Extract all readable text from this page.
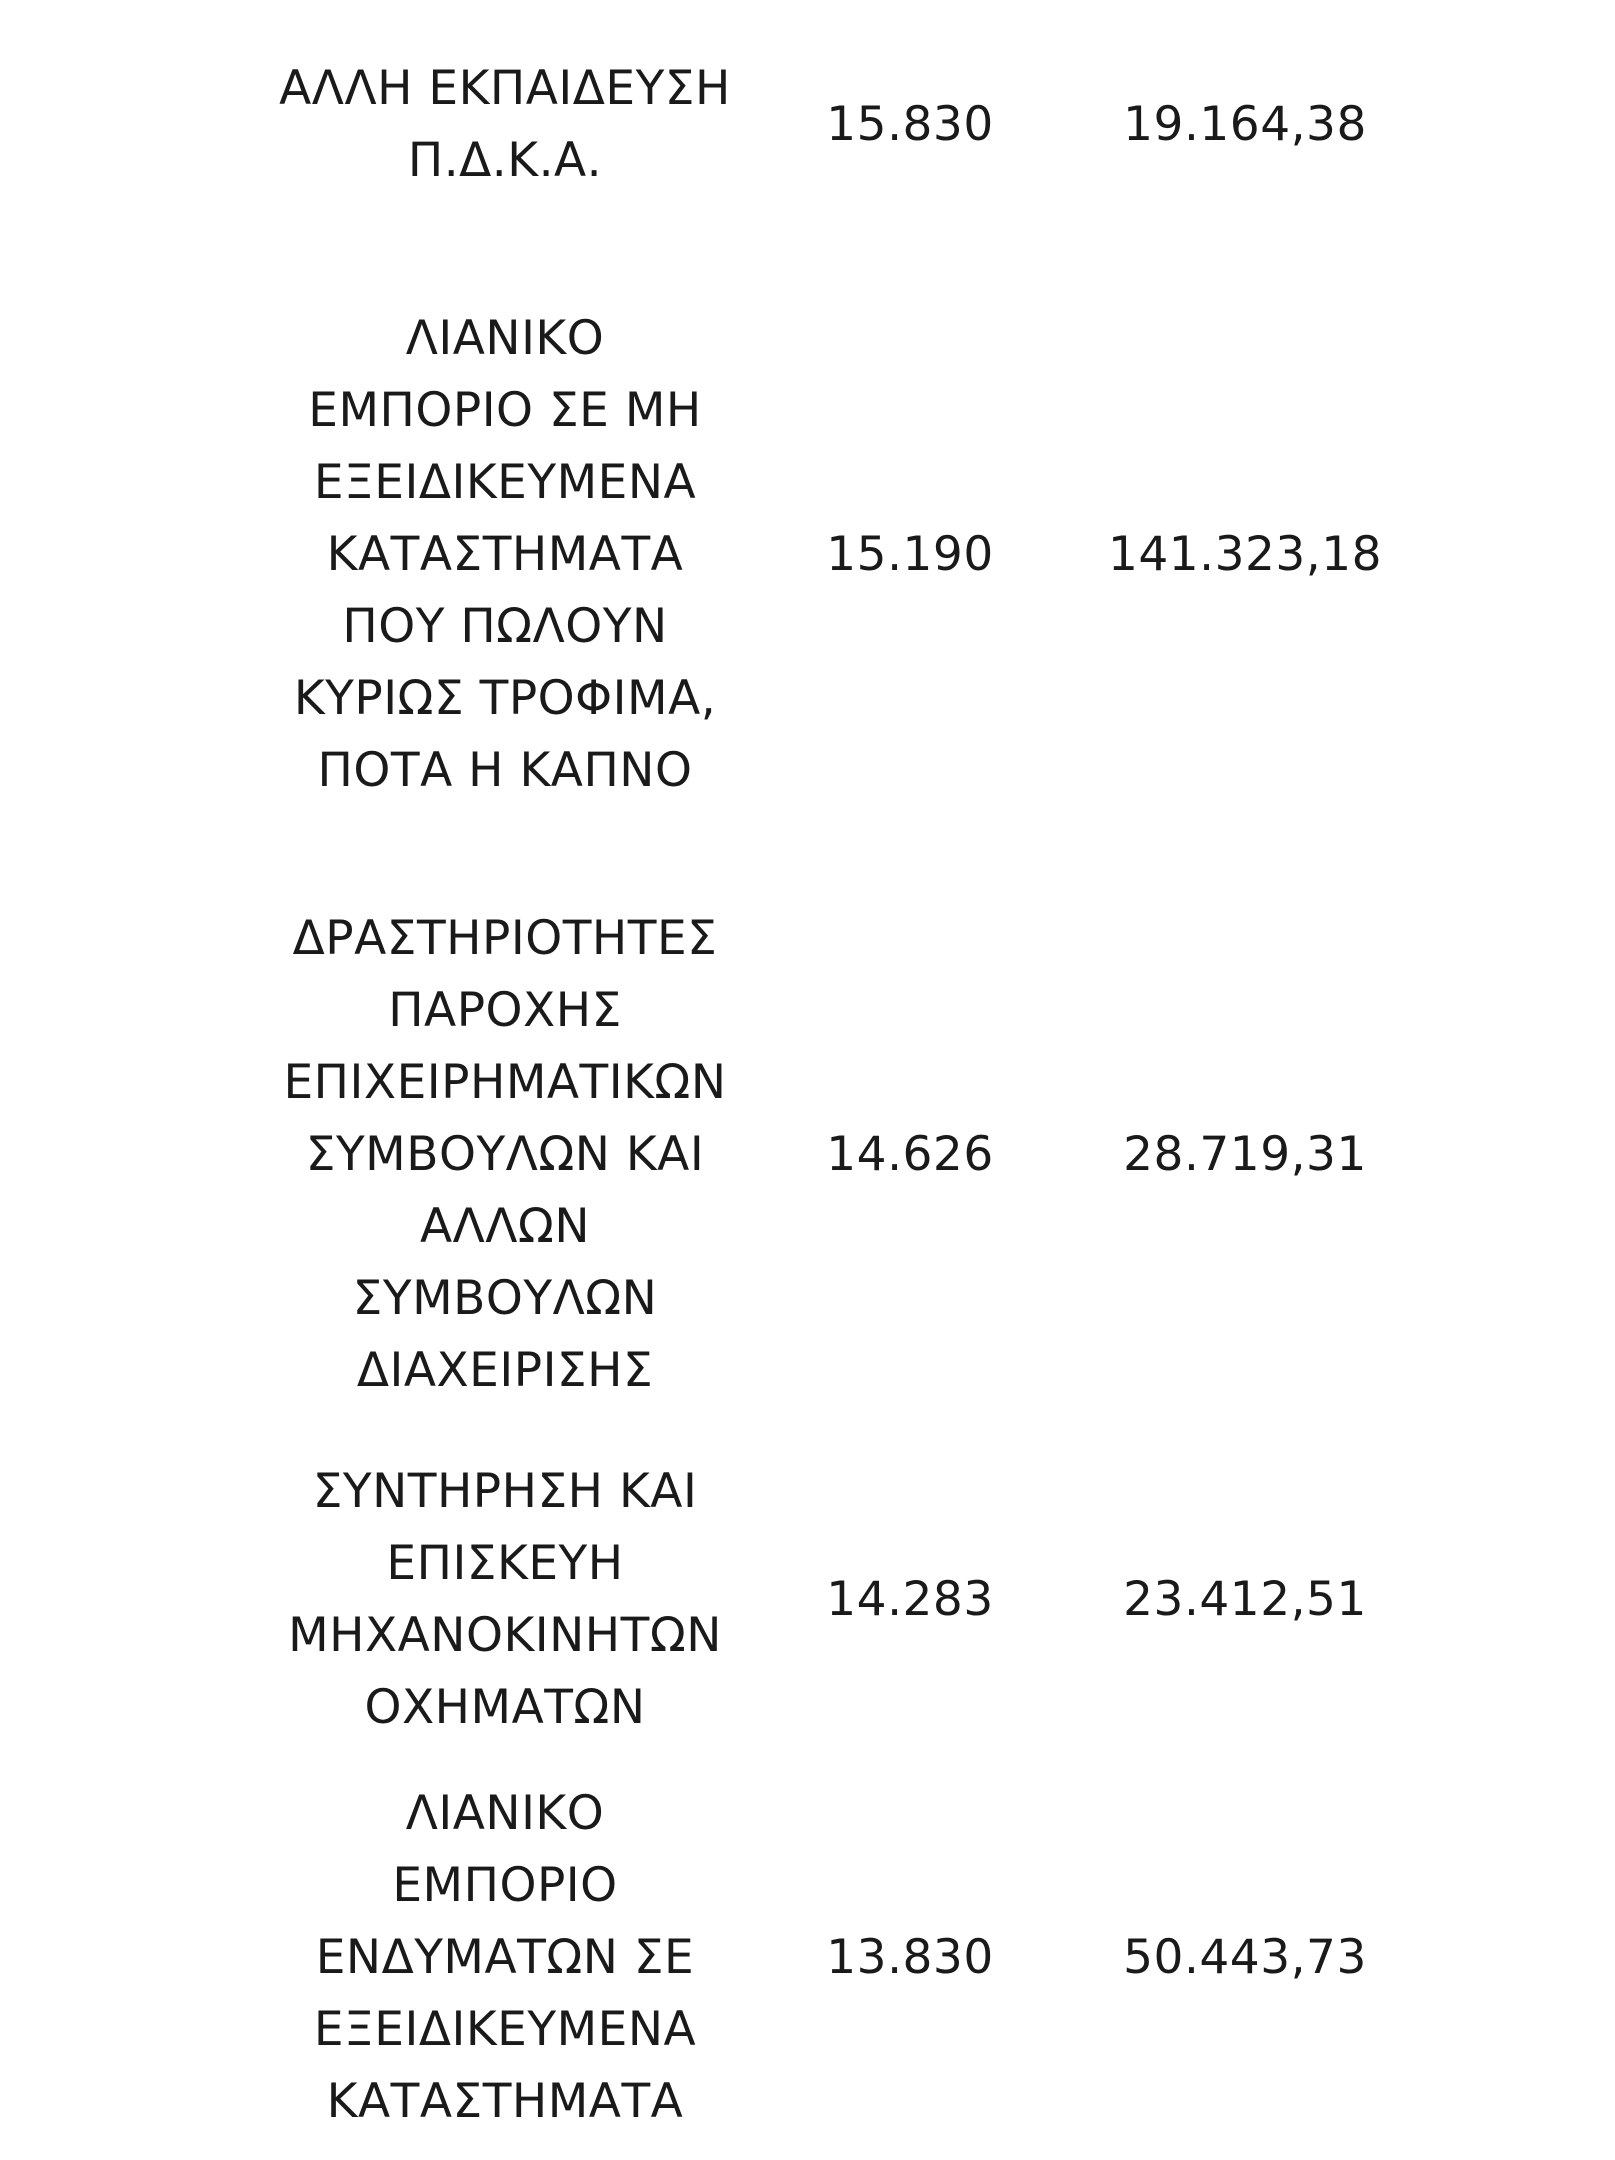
ΑΛΛΗ ΕΚΠΑΙΔΕΥΣΗ
Π.Δ.Κ.Α.
15.830	19.164,38
ΛΙΑΝΙΚΟ
ΕΜΠΟΡΙΟ ΣΕ ΜΗ
ΕΞΕΙΔΙΚΕΥΜΕΝΑ
ΚΑΤΑΣΤΗΜΑΤΑ
ΠΟΥ ΠΩΛΟΥΝ
ΚΥΡΙΩΣ ΤΡΟΦΙΜΑ,
ΠΟΤΑ Η ΚΑΠΝΟ
15.190	141.323,18
ΔΡΑΣΤΗΡΙΟΤΗΤΕΣ
ΠΑΡΟΧΗΣ
ΕΠΙΧΕΙΡΗΜΑΤΙΚΩΝ
ΣΥΜΒΟΥΛΩΝ ΚΑΙ
ΑΛΛΩΝ
ΣΥΜΒΟΥΛΩΝ
ΔΙΑΧΕΙΡΙΣΗΣ
14.626	28.719,31
ΣΥΝΤΗΡΗΣΗ ΚΑΙ
ΕΠΙΣΚΕΥΗ
ΜΗΧΑΝΟΚΙΝΗΤΩΝ
ΟΧΗΜΑΤΩΝ
14.283	23.412,51
ΛΙΑΝΙΚΟ
ΕΜΠΟΡΙΟ
ΕΝΔΥΜΑΤΩΝ ΣΕ
ΕΞΕΙΔΙΚΕΥΜΕΝΑ
ΚΑΤΑΣΤΗΜΑΤΑ
13.830	50.443,73
